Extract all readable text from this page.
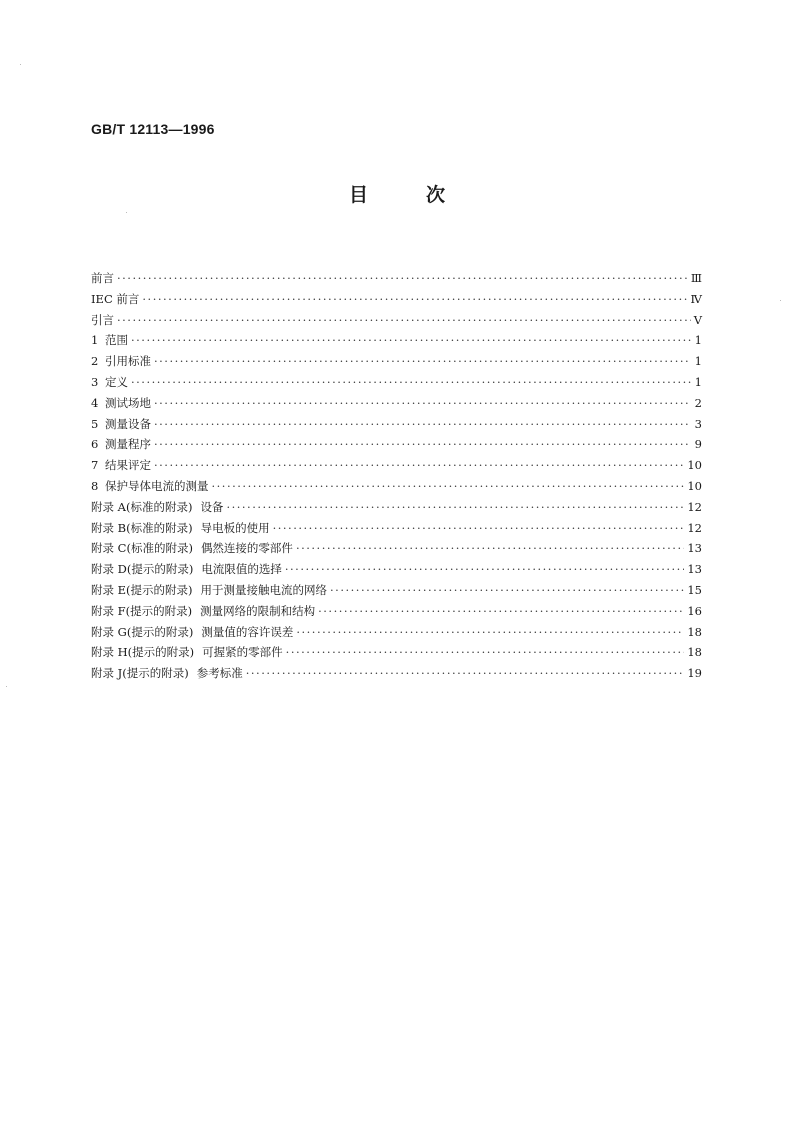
GB/T 12113—1996
目次
前言 ·····	Ⅲ
IEC 前言 ·····	Ⅳ
引言 ·····	Ⅴ
1 范围 ·····	1
2 引用标准 ·····	1
3 定义 ·····	1
4 测试场地 ·····	2
5 测量设备 ·····	3
6 测量程序 ·····	9
7 结果评定 ·····	10
8 保护导体电流的测量 ·····	10
附录 A(标准的附录) 设备 ·····	12
附录 B(标准的附录) 导电板的使用 ·····	12
附录 C(标准的附录) 偶然连接的零部件 ·····	13
附录 D(提示的附录) 电流限值的选择 ·····	13
附录 E(提示的附录) 用于测量接触电流的网络 ·····	15
附录 F(提示的附录) 测量网络的限制和结构 ·····	16
附录 G(提示的附录) 测量值的容许误差 ·····	18
附录 H(提示的附录) 可握紧的零部件 ·····	18
附录 J(提示的附录) 参考标准 ·····	19
